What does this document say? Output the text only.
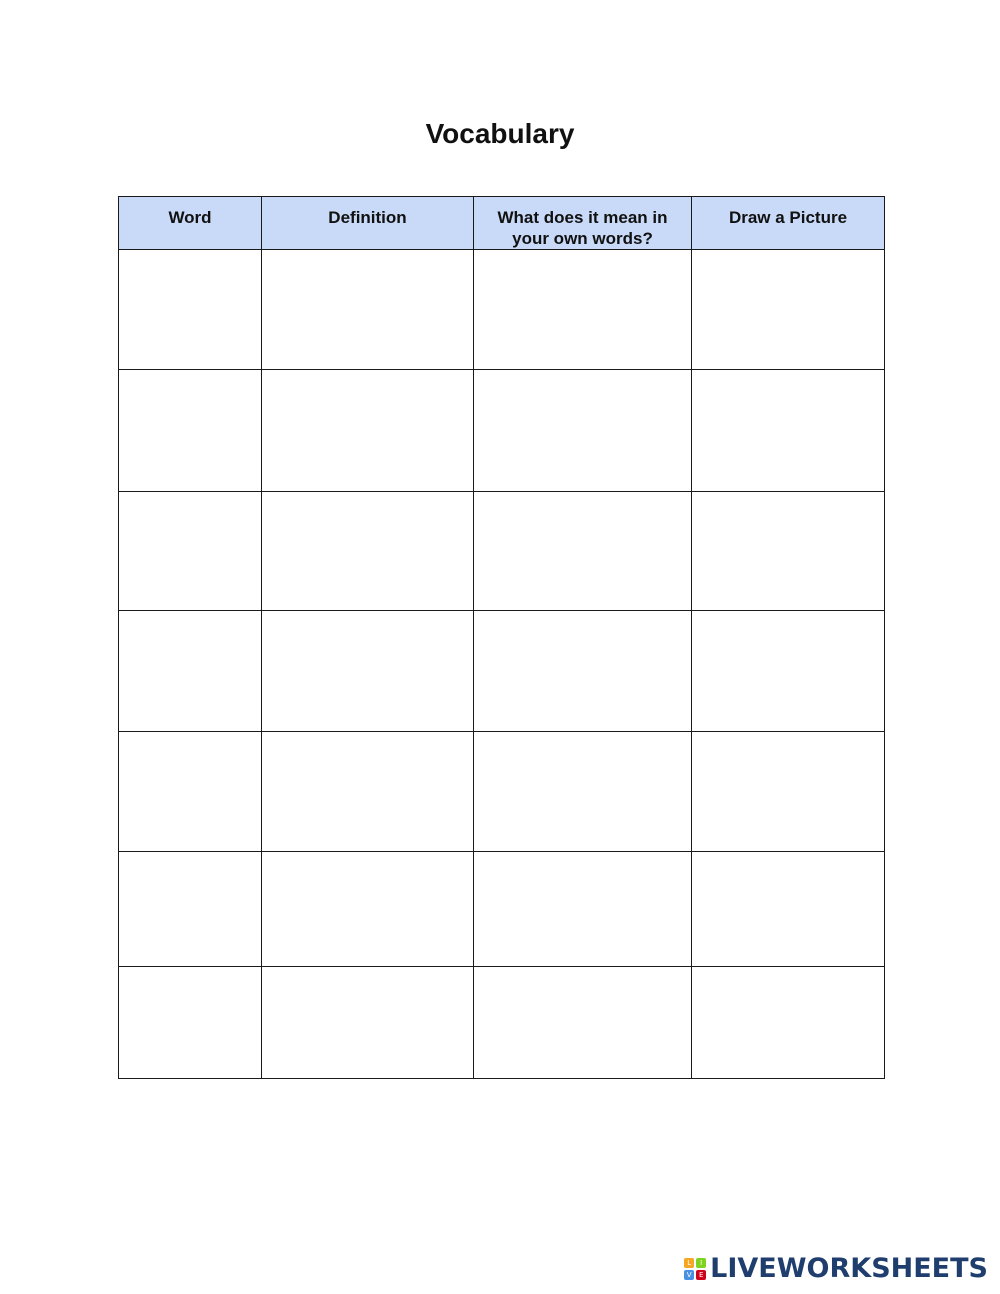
Vocabulary
Word	Definition	What does it mean in your own words?	Draw a Picture

L	I
V	E LIVEWORKSHEETS
